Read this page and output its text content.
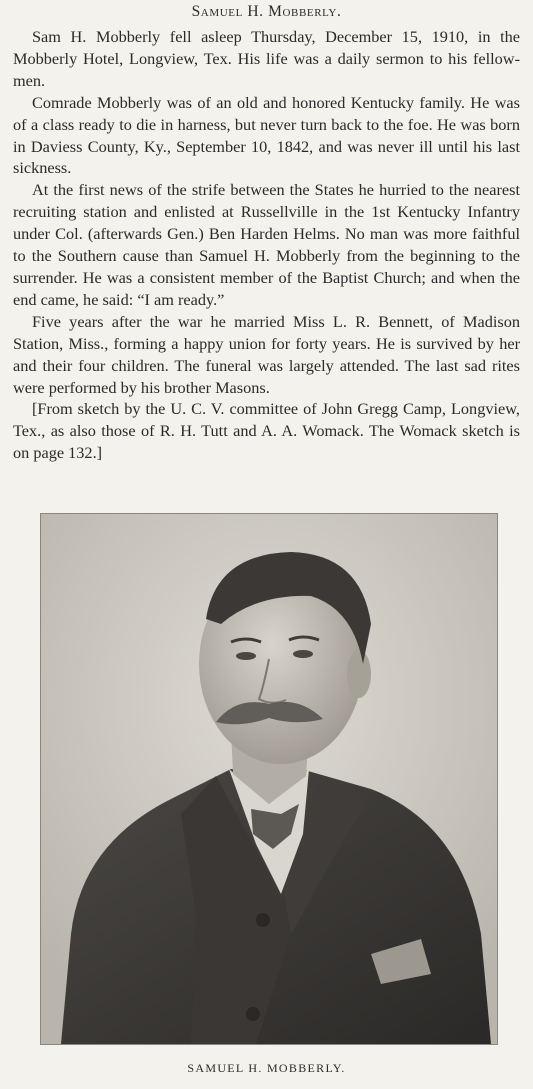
Samuel H. Mobberly.

Sam H. Mobberly fell asleep Thursday, December 15, 1910, in the Mobberly Hotel, Longview, Tex. His life was a daily sermon to his fellow-men.

Comrade Mobberly was of an old and honored Kentucky family. He was of a class ready to die in harness, but never turn back to the foe. He was born in Daviess County, Ky., September 10, 1842, and was never ill until his last sickness.

At the first news of the strife between the States he hurried to the nearest recruiting station and enlisted at Russellville in the 1st Kentucky Infantry under Col. (afterwards Gen.) Ben Harden Helms. No man was more faithful to the Southern cause than Samuel H. Mobberly from the beginning to the surrender. He was a consistent member of the Baptist Church; and when the end came, he said: “I am ready.”

Five years after the war he married Miss L. R. Bennett, of Madison Station, Miss., forming a happy union for forty years. He is survived by her and their four children. The funeral was largely attended. The last sad rites were performed by his brother Masons.

[From sketch by the U. C. V. committee of John Gregg Camp, Longview, Tex., as also those of R. H. Tutt and A. A. Womack. The Womack sketch is on page 132.]

SAMUEL H. MOBBERLY.
